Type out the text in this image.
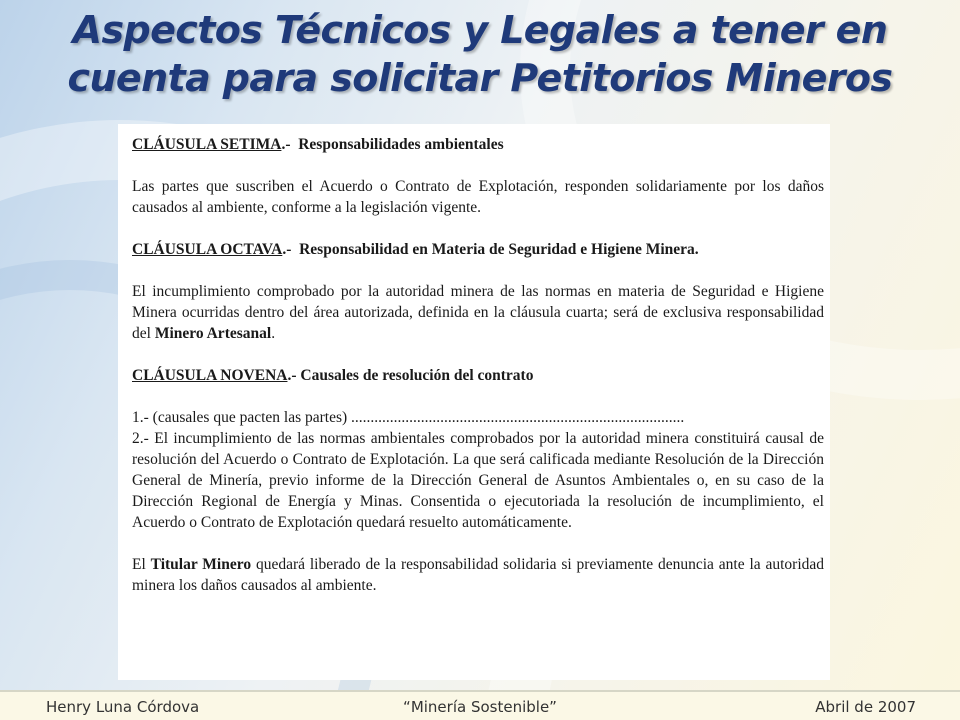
Aspectos Técnicos y Legales a tener en
cuenta para solicitar Petitorios Mineros

CLÁUSULA SETIMA.- Responsabilidades ambientales

Las partes que suscriben el Acuerdo o Contrato de Explotación, responden solidariamente por los daños causados al ambiente, conforme a la legislación vigente.

CLÁUSULA OCTAVA.- Responsabilidad en Materia de Seguridad e Higiene Minera.

El incumplimiento comprobado por la autoridad minera de las normas en materia de Seguridad e Higiene Minera ocurridas dentro del área autorizada, definida en la cláusula cuarta; será de exclusiva responsabilidad del Minero Artesanal.

CLÁUSULA NOVENA.- Causales de resolución del contrato

1.- (causales que pacten las partes) ......................................................................................

2.- El incumplimiento de las normas ambientales comprobados por la autoridad minera constituirá causal de resolución del Acuerdo o Contrato de Explotación. La que será calificada mediante Resolución de la Dirección General de Minería, previo informe de la Dirección General de Asuntos Ambientales o, en su caso de la Dirección Regional de Energía y Minas. Consentida o ejecutoriada la resolución de incumplimiento, el Acuerdo o Contrato de Explotación quedará resuelto automáticamente.

El Titular Minero quedará liberado de la responsabilidad solidaria si previamente denuncia ante la autoridad minera los daños causados al ambiente.

Henry Luna Córdova	“Minería Sostenible”	Abril de 2007
